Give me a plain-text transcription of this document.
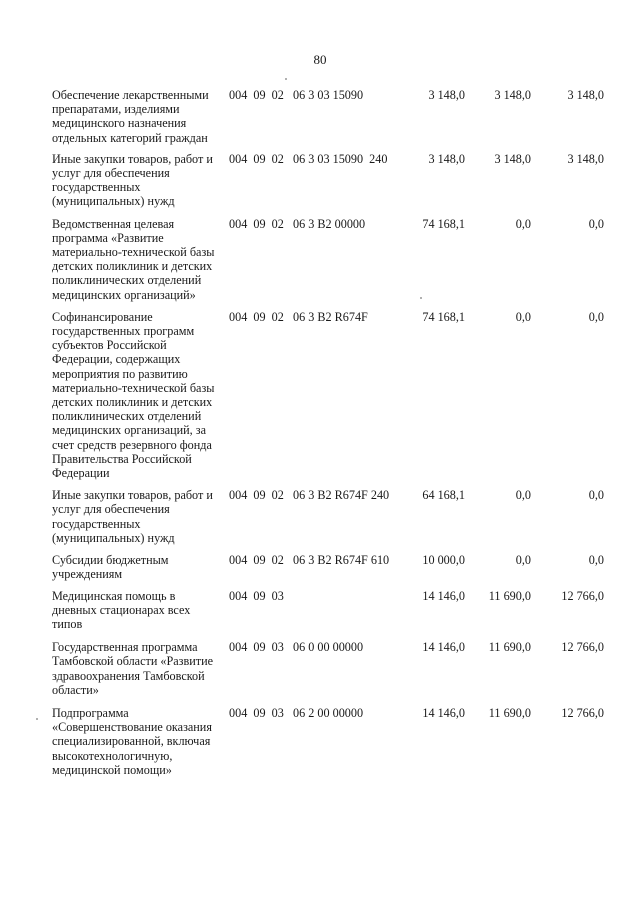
80
Обеспечение лекарственными
препаратами, изделиями
медицинского назначения
отдельных категорий граждан
004  09  02   06 3 03 15090	3 148,0 3 148,0	3 148,0
Иные закупки товаров, работ и
услуг для обеспечения
государственных
(муниципальных) нужд
004  09  02   06 3 03 15090  240	3 148,0 3 148,0	3 148,0
Ведомственная целевая
программа «Развитие
материально-технической базы
детских поликлиник и детских
поликлинических отделений
медицинских организаций»
004  09  02   06 3 В2 00000	74 168,1	0,0	0,0
Софинансирование
государственных программ
субъектов Российской
Федерации, содержащих
мероприятия по развитию
материально-технической базы
детских поликлиник и детских
поликлинических отделений
медицинских организаций, за
счет средств резервного фонда
Правительства Российской
Федерации
004  09  02   06 3 В2 R674F	74 168,1	0,0	0,0
Иные закупки товаров, работ и
услуг для обеспечения
государственных
(муниципальных) нужд
004  09  02   06 3 В2 R674F 240	64 168,1	0,0	0,0
Субсидии бюджетным
учреждениям
004  09  02   06 3 В2 R674F 610	10 000,0	0,0	0,0
Медицинская помощь в
дневных стационарах всех
типов
004  09  03	14 146,0 11 690,0 12 766,0
Государственная программа
Тамбовской области «Развитие
здравоохранения Тамбовской
области»
004  09  03   06 0 00 00000	14 146,0 11 690,0 12 766,0
Подпрограмма
«Совершенствование оказания
специализированной, включая
высокотехнологичную,
медицинской помощи»
004  09  03   06 2 00 00000	14 146,0 11 690,0 12 766,0
